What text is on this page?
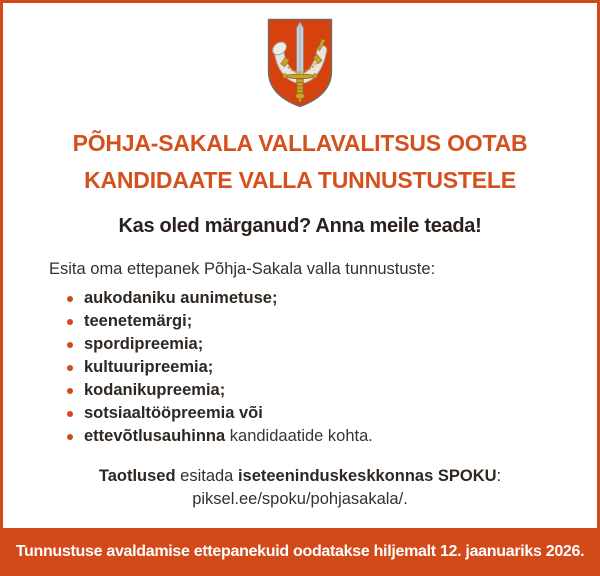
PÕHJA-SAKALA VALLAVALITSUS OOTAB
KANDIDAATE VALLA TUNNUSTUSTELE
Kas oled märganud? Anna meile teada!

Esita oma ettepanek Põhja-Sakala valla tunnustuste:

aukodaniku aunimetuse;
teenetemärgi;
spordipreemia;
kultuuripreemia;
kodanikupreemia;
sotsiaaltööpreemia või
ettevõtlusauhinna kandidaatide kohta.

Taotlused esitada iseteeninduskeskkonnas SPOKU:
piksel.ee/spoku/pohjasakala/.

Tunnustuse avaldamise ettepanekuid oodatakse hiljemalt 12. jaanuariks 2026.
